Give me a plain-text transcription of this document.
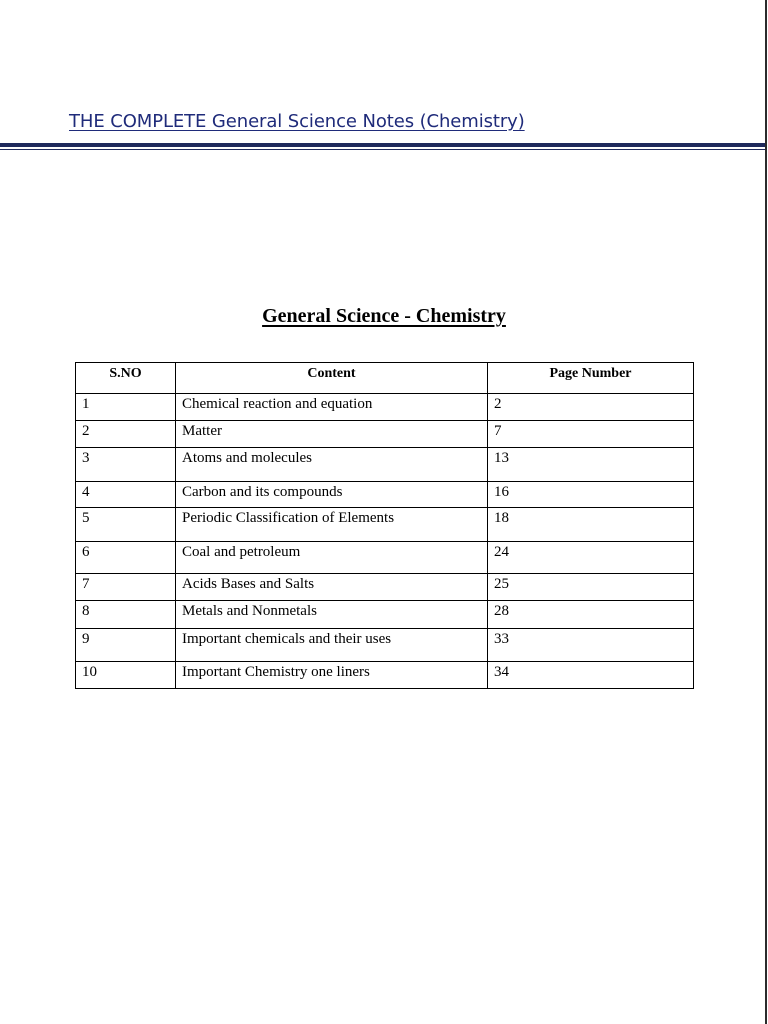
THE COMPLETE General Science Notes (Chemistry)
General Science - Chemistry
S.NO	Content	Page Number
1	Chemical reaction and equation	2
2	Matter	7
3	Atoms and molecules	13
4	Carbon and its compounds	16
5	Periodic Classification of Elements	18
6	Coal and petroleum	24
7	Acids Bases and Salts	25
8	Metals and Nonmetals	28
9	Important chemicals and their uses	33
10	Important Chemistry one liners	34
